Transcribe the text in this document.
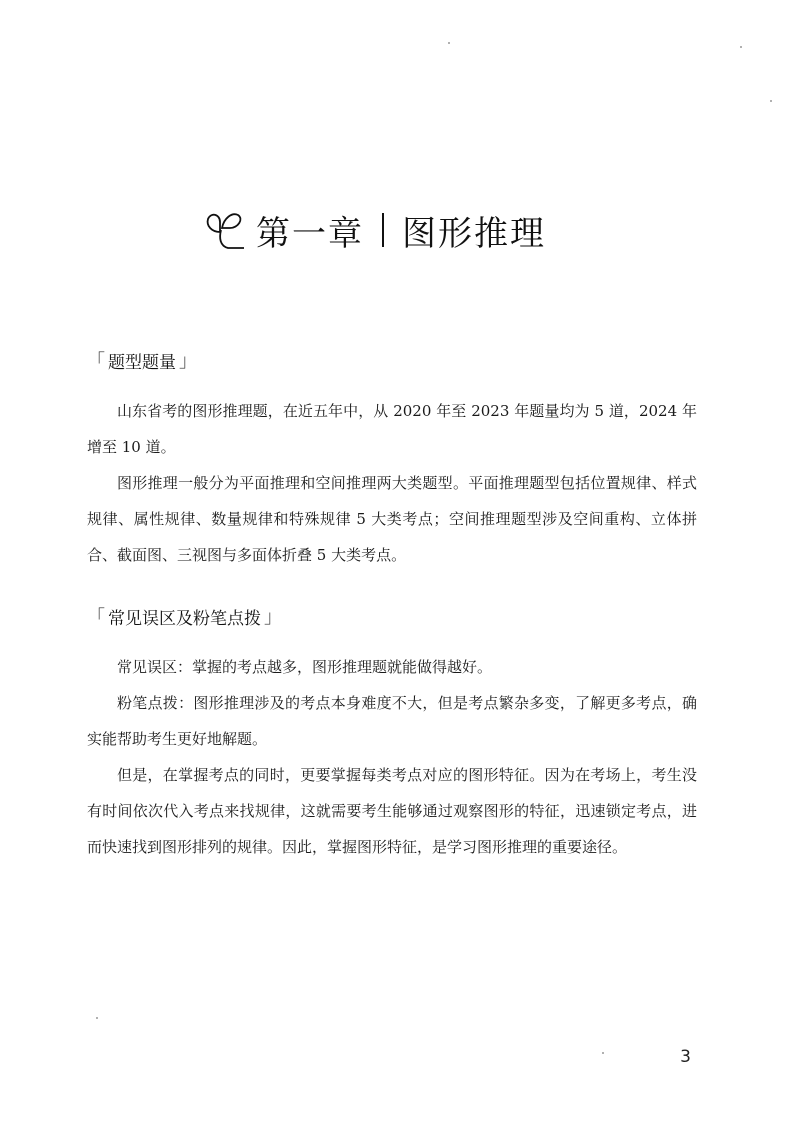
第一章 图形推理
「 题型题量 」

山东省考的图形推理题，在近五年中，从 2020 年至 2023 年题量均为 5 道，2024 年增至 10 道。

图形推理一般分为平面推理和空间推理两大类题型。平面推理题型包括位置规律、样式规律、属性规律、数量规律和特殊规律 5 大类考点；空间推理题型涉及空间重构、立体拼合、截面图、三视图与多面体折叠 5 大类考点。

「 常见误区及粉笔点拨 」

常见误区：掌握的考点越多，图形推理题就能做得越好。

粉笔点拨：图形推理涉及的考点本身难度不大，但是考点繁杂多变，了解更多考点，确实能帮助考生更好地解题。

但是，在掌握考点的同时，更要掌握每类考点对应的图形特征。因为在考场上，考生没有时间依次代入考点来找规律，这就需要考生能够通过观察图形的特征，迅速锁定考点，进而快速找到图形排列的规律。因此，掌握图形特征，是学习图形推理的重要途径。

3
